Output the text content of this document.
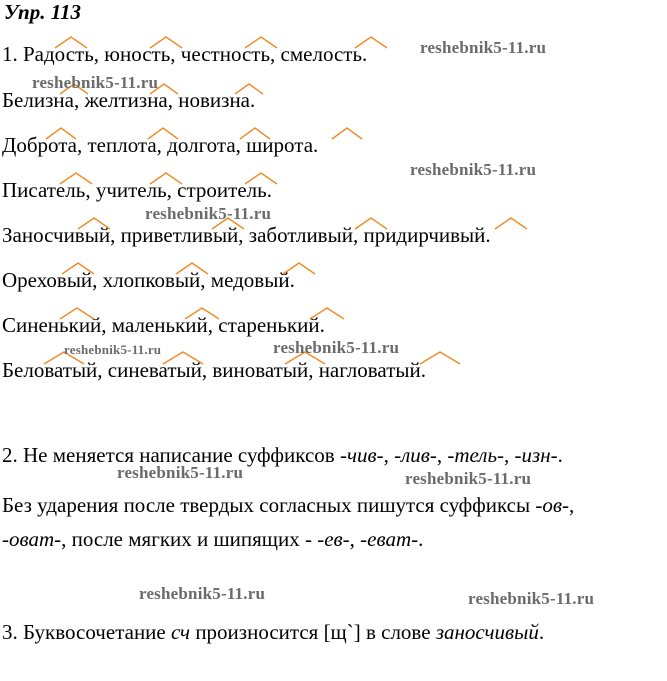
Упр. 113
1. Радость, юность, честность, смелость.
Белизна, желтизна, новизна.
Доброта, теплота, долгота, широта.
Писатель, учитель, строитель.
Заносчивый, приветливый, заботливый, придирчивый.
Ореховый, хлопковый, медовый.
Синенький, маленький, старенький.
Беловатый, синеватый, виноватый, нагловатый.
2. Не меняется написание суффиксов -чив-, -лив-, -тель-, -изн-.
Без ударения после твердых согласных пишутся суффиксы -ов-,
-оват-, после мягких и шипящих - -ев-, -еват-.
3. Буквосочетание сч произносится [щ`] в слове заносчивый.
reshebnik5-11.ru
reshebnik5-11.ru
reshebnik5-11.ru
reshebnik5-11.ru
reshebnik5-11.ru	reshebnik5-11.ru
reshebnik5-11.ru	reshebnik5-11.ru
reshebnik5-11.ru	reshebnik5-11.ru
